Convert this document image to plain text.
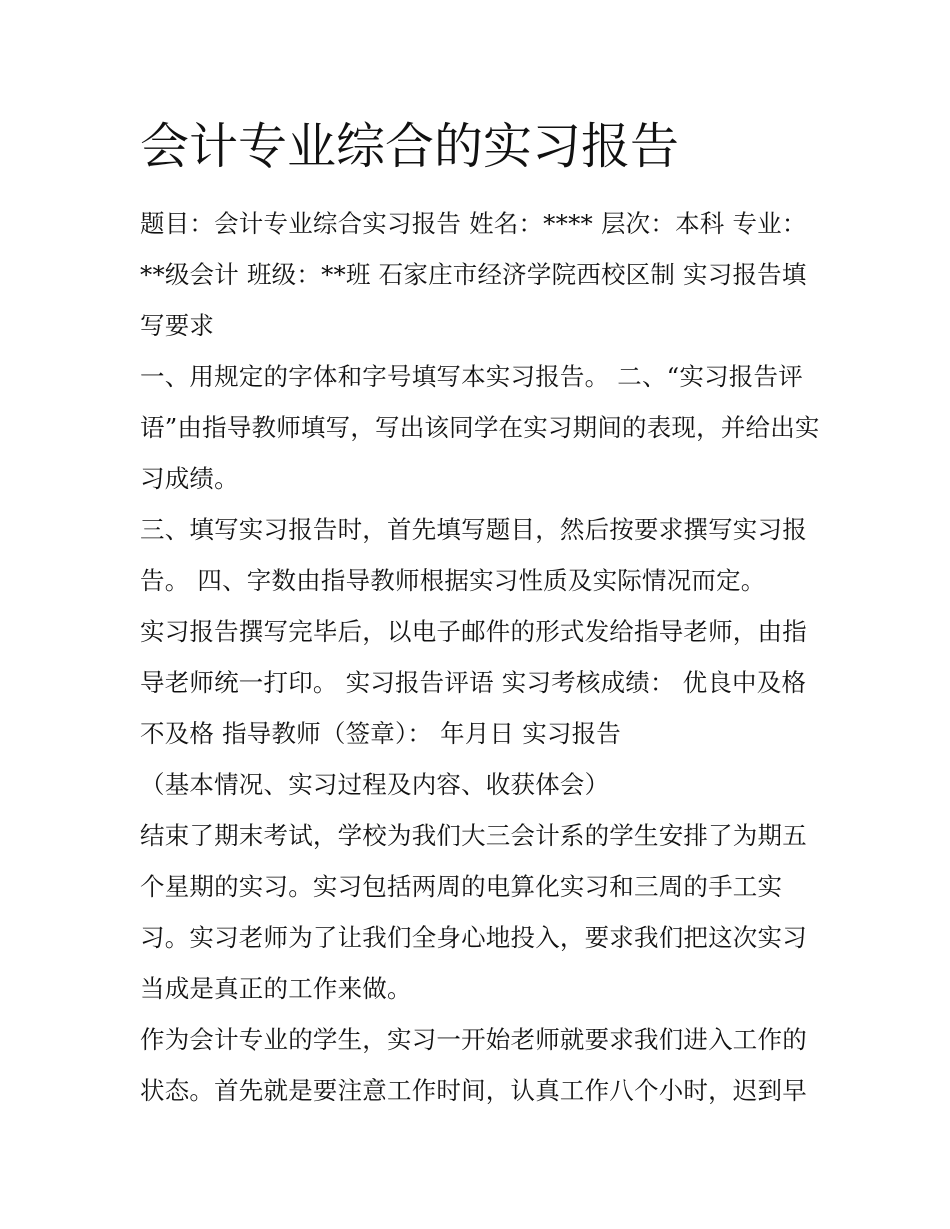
会计专业综合的实习报告

题目：会计专业综合实习报告 姓名：**** 层次：本科 专业：**级会计 班级：**班 石家庄市经济学院西校区制 实习报告填写要求

一、用规定的字体和字号填写本实习报告。 二、“实习报告评语”由指导教师填写，写出该同学在实习期间的表现，并给出实习成绩。

三、填写实习报告时，首先填写题目，然后按要求撰写实习报告。 四、字数由指导教师根据实习性质及实际情况而定。

实习报告撰写完毕后，以电子邮件的形式发给指导老师，由指导老师统一打印。 实习报告评语 实习考核成绩： 优良中及格不及格 指导教师（签章）： 年月日 实习报告

（基本情况、实习过程及内容、收获体会）

结束了期末考试，学校为我们大三会计系的学生安排了为期五个星期的实习。实习包括两周的电算化实习和三周的手工实习。实习老师为了让我们全身心地投入，要求我们把这次实习当成是真正的工作来做。

作为会计专业的学生，实习一开始老师就要求我们进入工作的状态。首先就是要注意工作时间，认真工作八个小时，迟到早
